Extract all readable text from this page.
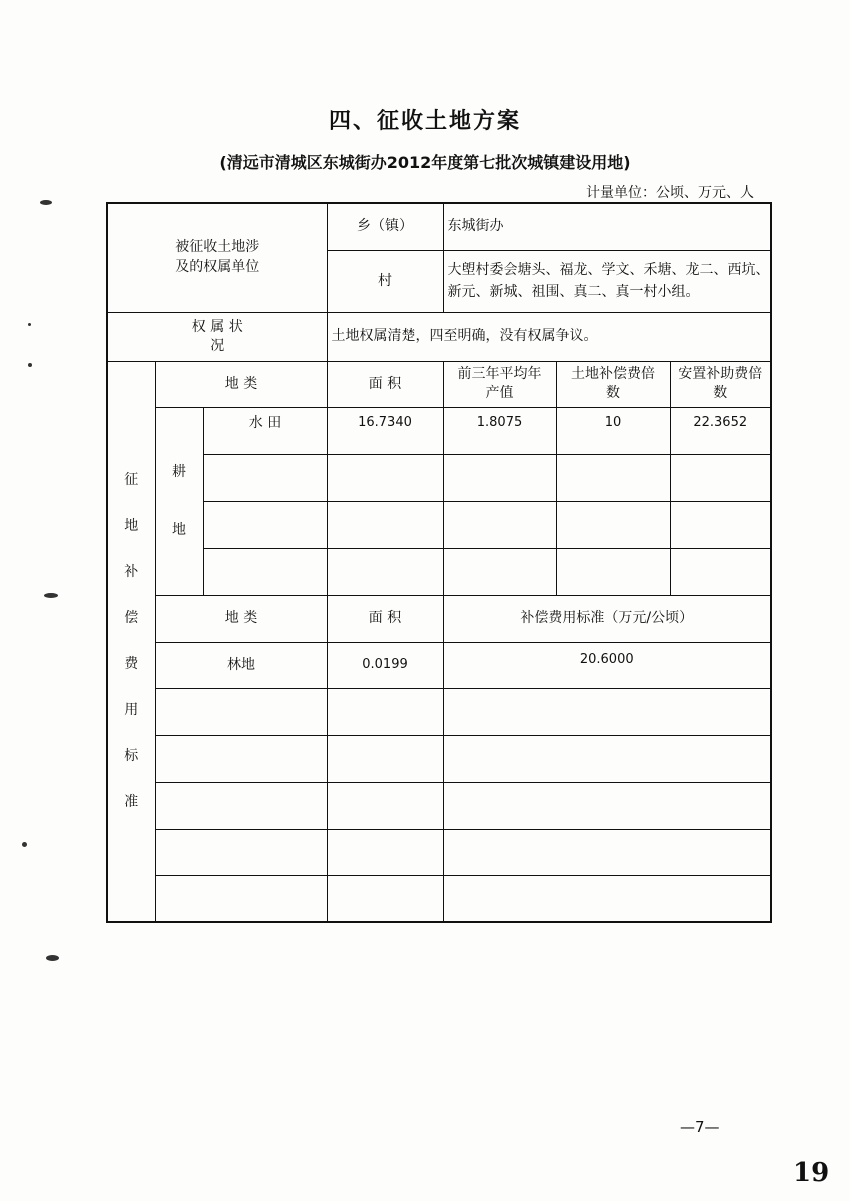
四、征收土地方案
(清远市清城区东城街办2012年度第七批次城镇建设用地)
计量单位：公顷、万元、人
被征收土地涉及的权属单位			乡（镇）	东城街办		
			村	大塱村委会塘头、福龙、学文、禾塘、龙二、西坑、新元、新城、祖围、真二、真一村小组。		
权 属 状 况			土地权属清楚，四至明确，没有权属争议。			
征地补偿费用标准	地 类		面 积	前三年平均年产值	土地补偿费倍 数	安置补助费倍 数
	耕地	水 田	16.7340	1.8075	10	22.3652

	地 类		面 积	补偿费用标准（万元/公顷）		
	林地		0.0199	20.6000		

—7—
19
